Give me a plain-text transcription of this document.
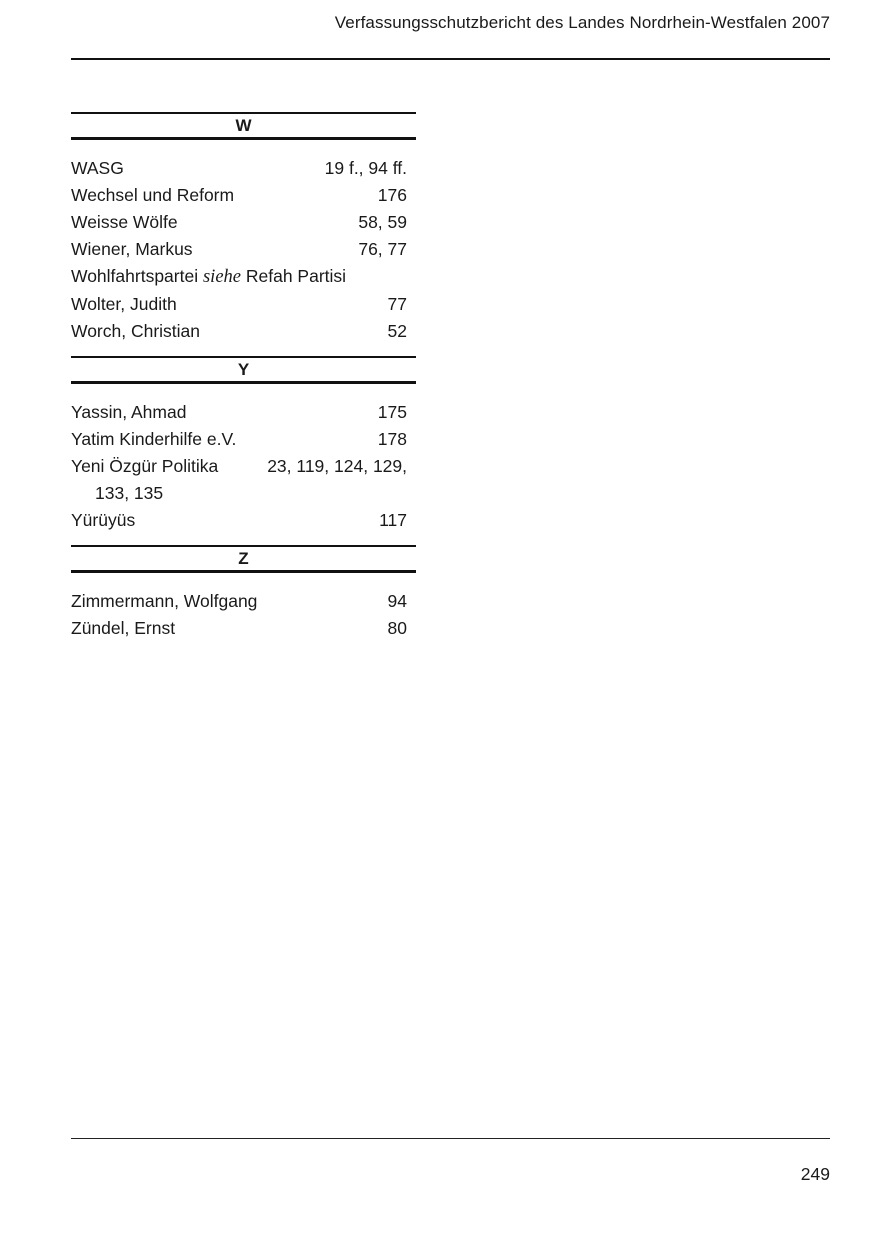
Verfassungsschutzbericht des Landes Nordrhein-Westfalen 2007
W
WASG	19 f., 94 ff.
Wechsel und Reform	176
Weisse Wölfe	58, 59
Wiener, Markus	76, 77
Wohlfahrtspartei siehe Refah Partisi
Wolter, Judith	77
Worch, Christian	52
Y
Yassin, Ahmad	175
Yatim Kinderhilfe e.V.	178
Yeni Özgür Politika	23, 119, 124, 129,
133, 135
Yürüyüs	117
Z
Zimmermann, Wolfgang	94
Zündel, Ernst	80
249
